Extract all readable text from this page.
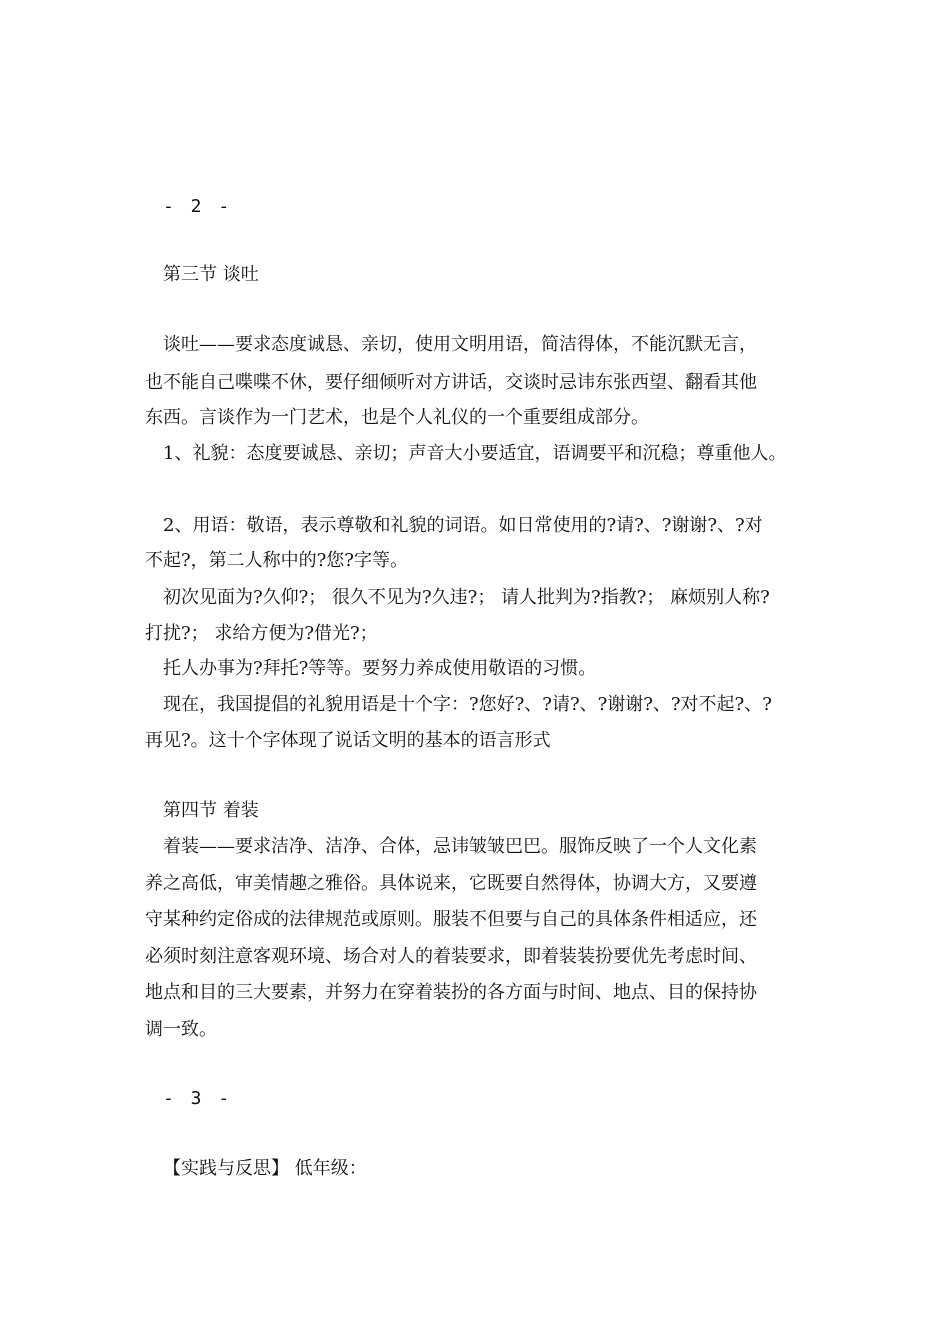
- 2 -
第三节 谈吐
谈吐——要求态度诚恳、亲切，使用文明用语，简洁得体，不能沉默无言，
也不能自己喋喋不休，要仔细倾听对方讲话，交谈时忌讳东张西望、翻看其他
东西。言谈作为一门艺术，也是个人礼仪的一个重要组成部分。
1、礼貌：态度要诚恳、亲切；声音大小要适宜，语调要平和沉稳；尊重他人。
2、用语：敬语，表示尊敬和礼貌的词语。如日常使用的?请?、?谢谢?、?对
不起?，第二人称中的?您?字等。
初次见面为?久仰?； 很久不见为?久违?； 请人批判为?指教?； 麻烦别人称?
打扰?； 求给方便为?借光?；
托人办事为?拜托?等等。要努力养成使用敬语的习惯。
现在，我国提倡的礼貌用语是十个字：?您好?、?请?、?谢谢?、?对不起?、?
再见?。这十个字体现了说话文明的基本的语言形式
第四节 着装
着装——要求洁净、洁净、合体，忌讳皱皱巴巴。服饰反映了一个人文化素
养之高低，审美情趣之雅俗。具体说来，它既要自然得体，协调大方，又要遵
守某种约定俗成的法律规范或原则。服装不但要与自己的具体条件相适应，还
必须时刻注意客观环境、场合对人的着装要求，即着装装扮要优先考虑时间、
地点和目的三大要素，并努力在穿着装扮的各方面与时间、地点、目的保持协
调一致。
- 3 -
【实践与反思】 低年级：
